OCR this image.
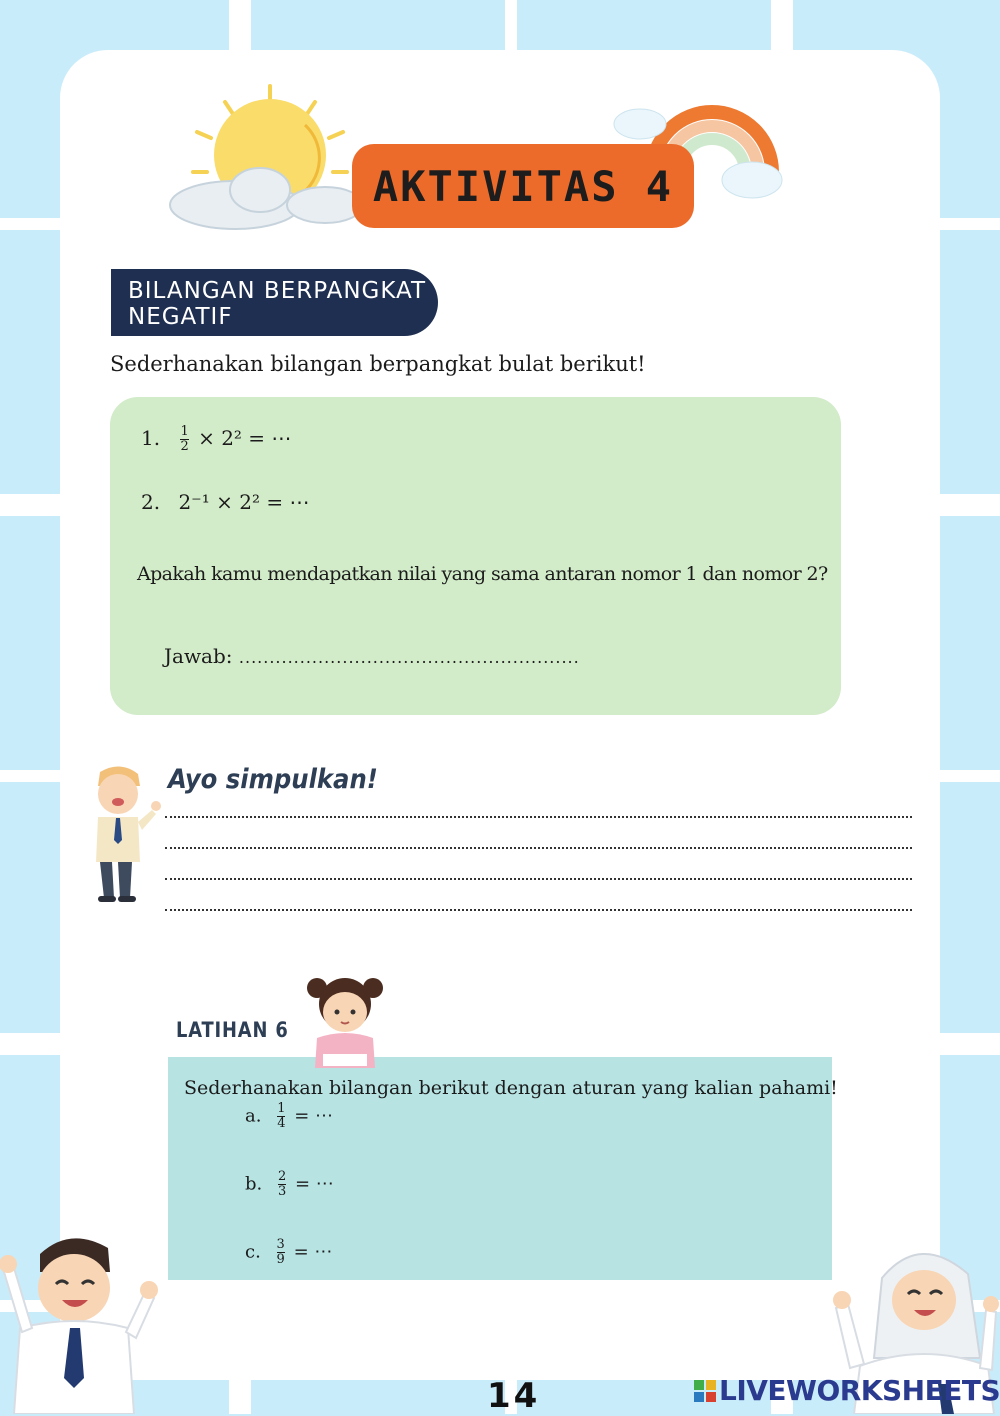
AKTIVITAS 4
BILANGAN BERPANGKAT NEGATIF
Sederhanakan bilangan berpangkat bulat berikut!
1. $\frac{1}{2} \times 2^2$ = ⋯
2. 2⁻¹ × 2² = ⋯
Apakah kamu mendapatkan nilai yang sama antaran nomor 1 dan nomor 2?
Jawab: ........................................................
Ayo simpulkan!
LATIHAN 6
Sederhanakan bilangan berikut dengan aturan yang kalian pahami!
a. $\frac{1}{4}$ = ⋯
b. $\frac{2}{3}$ = ⋯
c. $\frac{3}{9}$ = ⋯
14	LIVEWORKSHEETS
